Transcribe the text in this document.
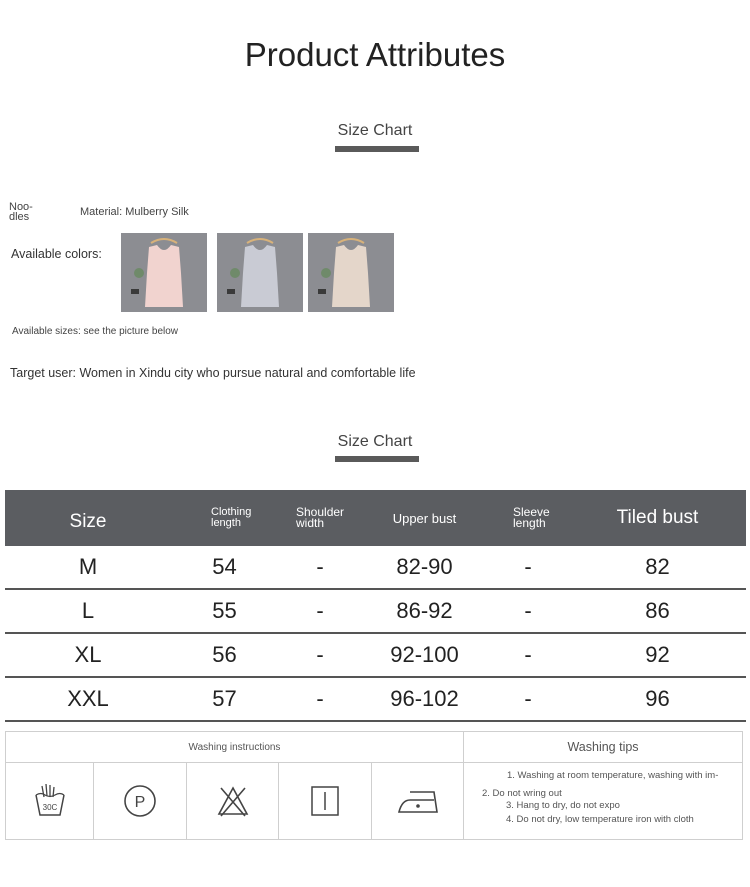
Product Attributes
Size Chart
Noo-
dles	Material: Mulberry Silk
Available colors:
Available sizes: see the picture below
Target user: Women in Xindu city who pursue natural and comfortable life
Size Chart
Size	Clothing length	Shoulder width	Upper bust	Sleeve length	Tiled bust
M	54	-	82-90	-	82
L	55	-	86-92	-	86
XL	56	-	92-100	-	92
XXL	57	-	96-102	-	96
Washing instructions	Washing tips
30C	P
1. Washing at room temperature, washing with im-
2. Do not wring out
3. Hang to dry, do not expo
4. Do not dry, low temperature iron with cloth
